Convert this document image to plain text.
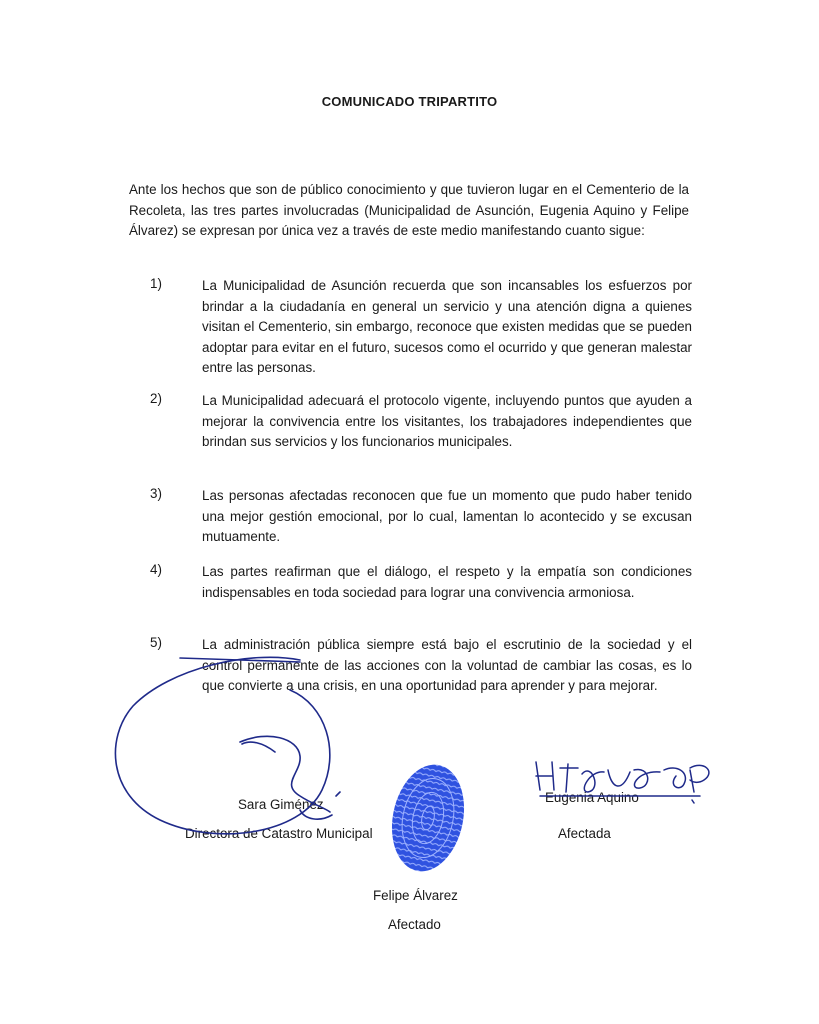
COMUNICADO TRIPARTITO
Ante los hechos que son de público conocimiento y que tuvieron lugar en el Cementerio de la Recoleta, las tres partes involucradas (Municipalidad de Asunción, Eugenia Aquino y Felipe Álvarez) se expresan por única vez a través de este medio manifestando cuanto sigue:
1)	La Municipalidad de Asunción recuerda que son incansables los esfuerzos por brindar a la ciudadanía en general un servicio y una atención digna a quienes visitan el Cementerio, sin embargo, reconoce que existen medidas que se pueden adoptar para evitar en el futuro, sucesos como el ocurrido y que generan malestar entre las personas.
2)	La Municipalidad adecuará el protocolo vigente, incluyendo puntos que ayuden a mejorar la convivencia entre los visitantes, los trabajadores independientes que brindan sus servicios y los funcionarios municipales.
3)	Las personas afectadas reconocen que fue un momento que pudo haber tenido una mejor gestión emocional, por lo cual, lamentan lo acontecido y se excusan mutuamente.
4)	Las partes reafirman que el diálogo, el respeto y la empatía son condiciones indispensables en toda sociedad para lograr una convivencia armoniosa.
5)	La administración pública siempre está bajo el escrutinio de la sociedad y el control permanente de las acciones con la voluntad de cambiar las cosas, es lo que convierte a una crisis, en una oportunidad para aprender y para mejorar.
Sara Giménez
Directora de Catastro Municipal
Eugenia Aquino
Afectada
Felipe Álvarez
Afectado
